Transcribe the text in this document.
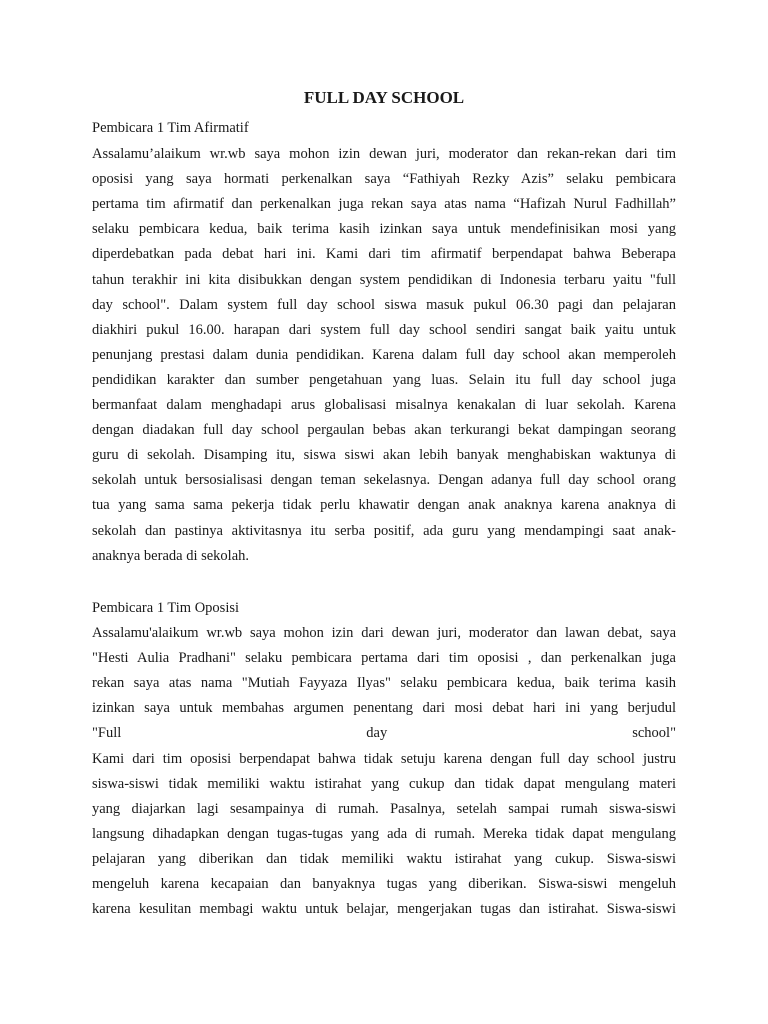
FULL DAY SCHOOL

Pembicara 1 Tim Afirmatif

Assalamu’alaikum wr.wb saya mohon izin dewan juri, moderator dan rekan-rekan dari tim

oposisi yang saya hormati perkenalkan saya “Fathiyah Rezky Azis” selaku pembicara

pertama tim afirmatif dan perkenalkan juga rekan saya atas nama “Hafizah Nurul Fadhillah”

selaku pembicara kedua, baik terima kasih izinkan saya untuk mendefinisikan mosi yang

diperdebatkan pada debat hari ini. Kami dari tim afirmatif berpendapat bahwa Beberapa

tahun terakhir ini kita disibukkan dengan system pendidikan di Indonesia terbaru yaitu "full

day school". Dalam system full day school siswa masuk pukul 06.30 pagi dan pelajaran

diakhiri pukul 16.00. harapan dari system full day school sendiri sangat baik yaitu untuk

penunjang prestasi dalam dunia pendidikan. Karena dalam full day school akan memperoleh

pendidikan karakter dan sumber pengetahuan yang luas. Selain itu full day school juga

bermanfaat dalam menghadapi arus globalisasi misalnya kenakalan di luar sekolah. Karena

dengan diadakan full day school pergaulan bebas akan terkurangi bekat dampingan seorang

guru di sekolah. Disamping itu, siswa siswi akan lebih banyak menghabiskan waktunya di

sekolah untuk bersosialisasi dengan teman sekelasnya. Dengan adanya full day school orang

tua yang sama sama pekerja tidak perlu khawatir dengan anak anaknya karena anaknya di

sekolah dan pastinya aktivitasnya itu serba positif, ada guru yang mendampingi saat anak-

anaknya berada di sekolah.

Pembicara 1 Tim Oposisi

Assalamu'alaikum wr.wb saya mohon izin dari dewan juri, moderator dan lawan debat, saya

"Hesti Aulia Pradhani" selaku pembicara pertama dari tim oposisi , dan perkenalkan juga

rekan saya atas nama "Mutiah Fayyaza Ilyas" selaku pembicara kedua, baik terima kasih

izinkan saya untuk membahas argumen penentang dari mosi debat hari ini yang berjudul

"Full day school"

Kami dari tim oposisi berpendapat bahwa tidak setuju karena dengan full day school justru

siswa-siswi tidak memiliki waktu istirahat yang cukup dan tidak dapat mengulang materi

yang diajarkan lagi sesampainya di rumah. Pasalnya, setelah sampai rumah siswa-siswi

langsung dihadapkan dengan tugas-tugas yang ada di rumah. Mereka tidak dapat mengulang

pelajaran yang diberikan dan tidak memiliki waktu istirahat yang cukup. Siswa-siswi

mengeluh karena kecapaian dan banyaknya tugas yang diberikan. Siswa-siswi mengeluh

karena kesulitan membagi waktu untuk belajar, mengerjakan tugas dan istirahat. Siswa-siswi
